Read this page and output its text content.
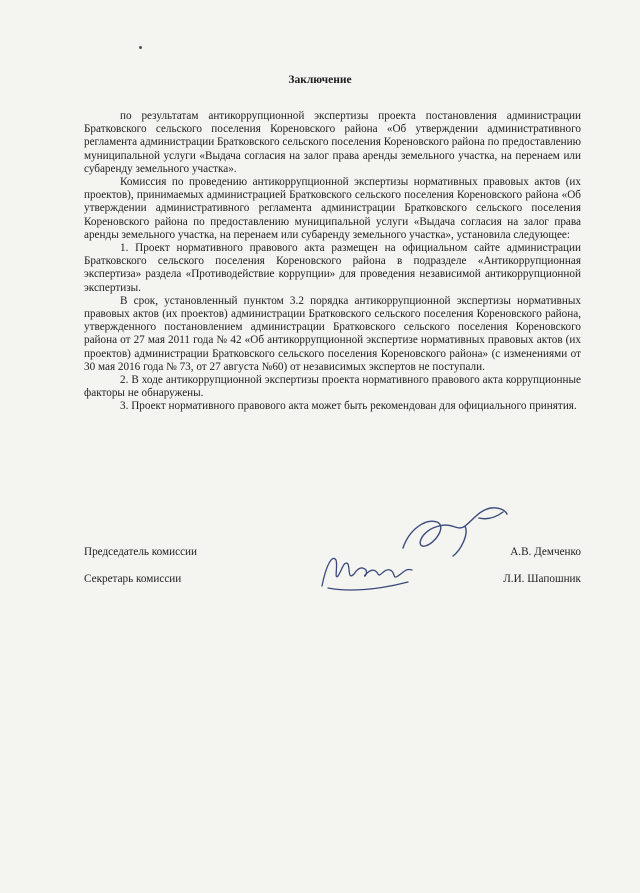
Заключение

по результатам антикоррупционной экспертизы проекта постановления администрации Братковского сельского поселения Кореновского района «Об утверждении административного регламента администрации Братковского сельского поселения Кореновского района по предоставлению муниципальной услуги «Выдача согласия на залог права аренды земельного участка, на перенаем или субаренду земельного участка».

Комиссия по проведению антикоррупционной экспертизы нормативных правовых актов (их проектов), принимаемых администрацией Братковского сельского поселения Кореновского района «Об утверждении административного регламента администрации Братковского сельского поселения Кореновского района по предоставлению муниципальной услуги «Выдача согласия на залог права аренды земельного участка, на перенаем или субаренду земельного участка», установила следующее:

1. Проект нормативного правового акта размещен на официальном сайте администрации Братковского сельского поселения Кореновского района в подразделе «Антикоррупционная экспертиза» раздела «Противодействие коррупции» для проведения независимой антикоррупционной экспертизы.

В срок, установленный пунктом 3.2 порядка антикоррупционной экспертизы нормативных правовых актов (их проектов) администрации Братковского сельского поселения Кореновского района, утвержденного постановлением администрации Братковского сельского поселения Кореновского района от 27 мая 2011 года № 42 «Об антикоррупционной экспертизе нормативных правовых актов (их проектов) администрации Братковского сельского поселения Кореновского района» (с изменениями от 30 мая 2016 года № 73, от 27 августа №60) от независимых экспертов не поступали.

2. В ходе антикоррупционной экспертизы проекта нормативного правового акта коррупционные факторы не обнаружены.

3. Проект нормативного правового акта может быть рекомендован для официального принятия.

Председатель комиссии	А.В. Демченко
Секретарь комиссии	Л.И. Шапошник
